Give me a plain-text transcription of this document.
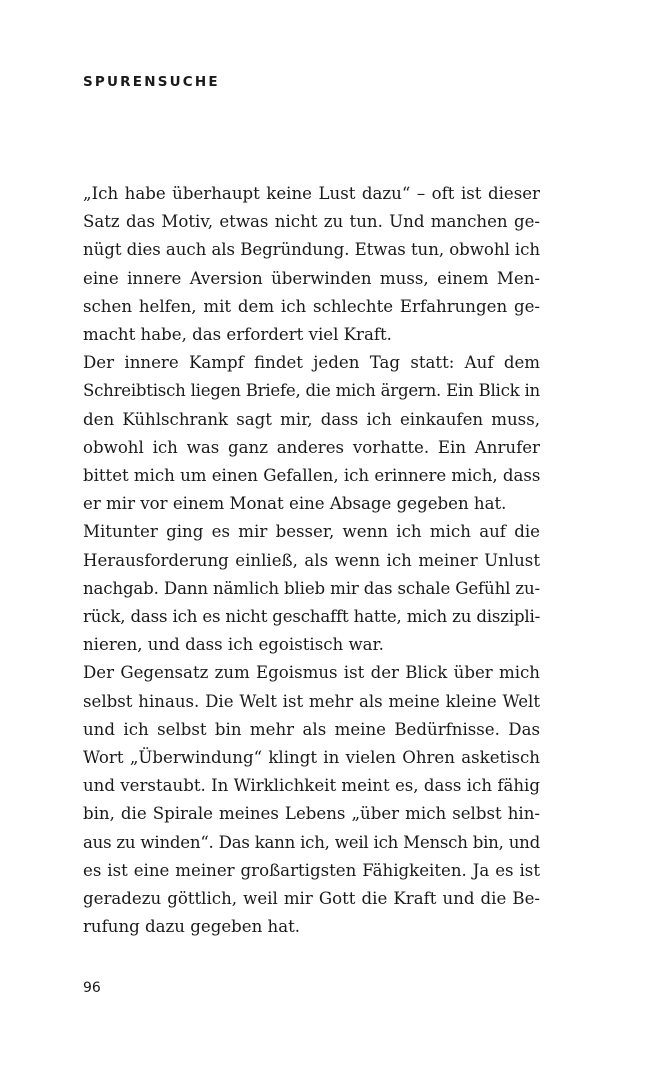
SPURENSUCHE

„Ich habe überhaupt keine Lust dazu“ – oft ist dieser
Satz das Motiv, etwas nicht zu tun. Und manchen ge-
nügt dies auch als Begründung. Etwas tun, obwohl ich
eine innere Aversion überwinden muss, einem Men-
schen helfen, mit dem ich schlechte Erfahrungen ge-
macht habe, das erfordert viel Kraft.

Der innere Kampf findet jeden Tag statt: Auf dem
Schreibtisch liegen Briefe, die mich ärgern. Ein Blick in
den Kühlschrank sagt mir, dass ich einkaufen muss,
obwohl ich was ganz anderes vorhatte. Ein Anrufer
bittet mich um einen Gefallen, ich erinnere mich, dass
er mir vor einem Monat eine Absage gegeben hat.

Mitunter ging es mir besser, wenn ich mich auf die
Herausforderung einließ, als wenn ich meiner Unlust
nachgab. Dann nämlich blieb mir das schale Gefühl zu-
rück, dass ich es nicht geschafft hatte, mich zu diszipli-
nieren, und dass ich egoistisch war.

Der Gegensatz zum Egoismus ist der Blick über mich
selbst hinaus. Die Welt ist mehr als meine kleine Welt
und ich selbst bin mehr als meine Bedürfnisse. Das
Wort „Überwindung“ klingt in vielen Ohren asketisch
und verstaubt. In Wirklichkeit meint es, dass ich fähig
bin, die Spirale meines Lebens „über mich selbst hin-
aus zu winden“. Das kann ich, weil ich Mensch bin, und
es ist eine meiner großartigsten Fähigkeiten. Ja es ist
geradezu göttlich, weil mir Gott die Kraft und die Be-
rufung dazu gegeben hat.

96
